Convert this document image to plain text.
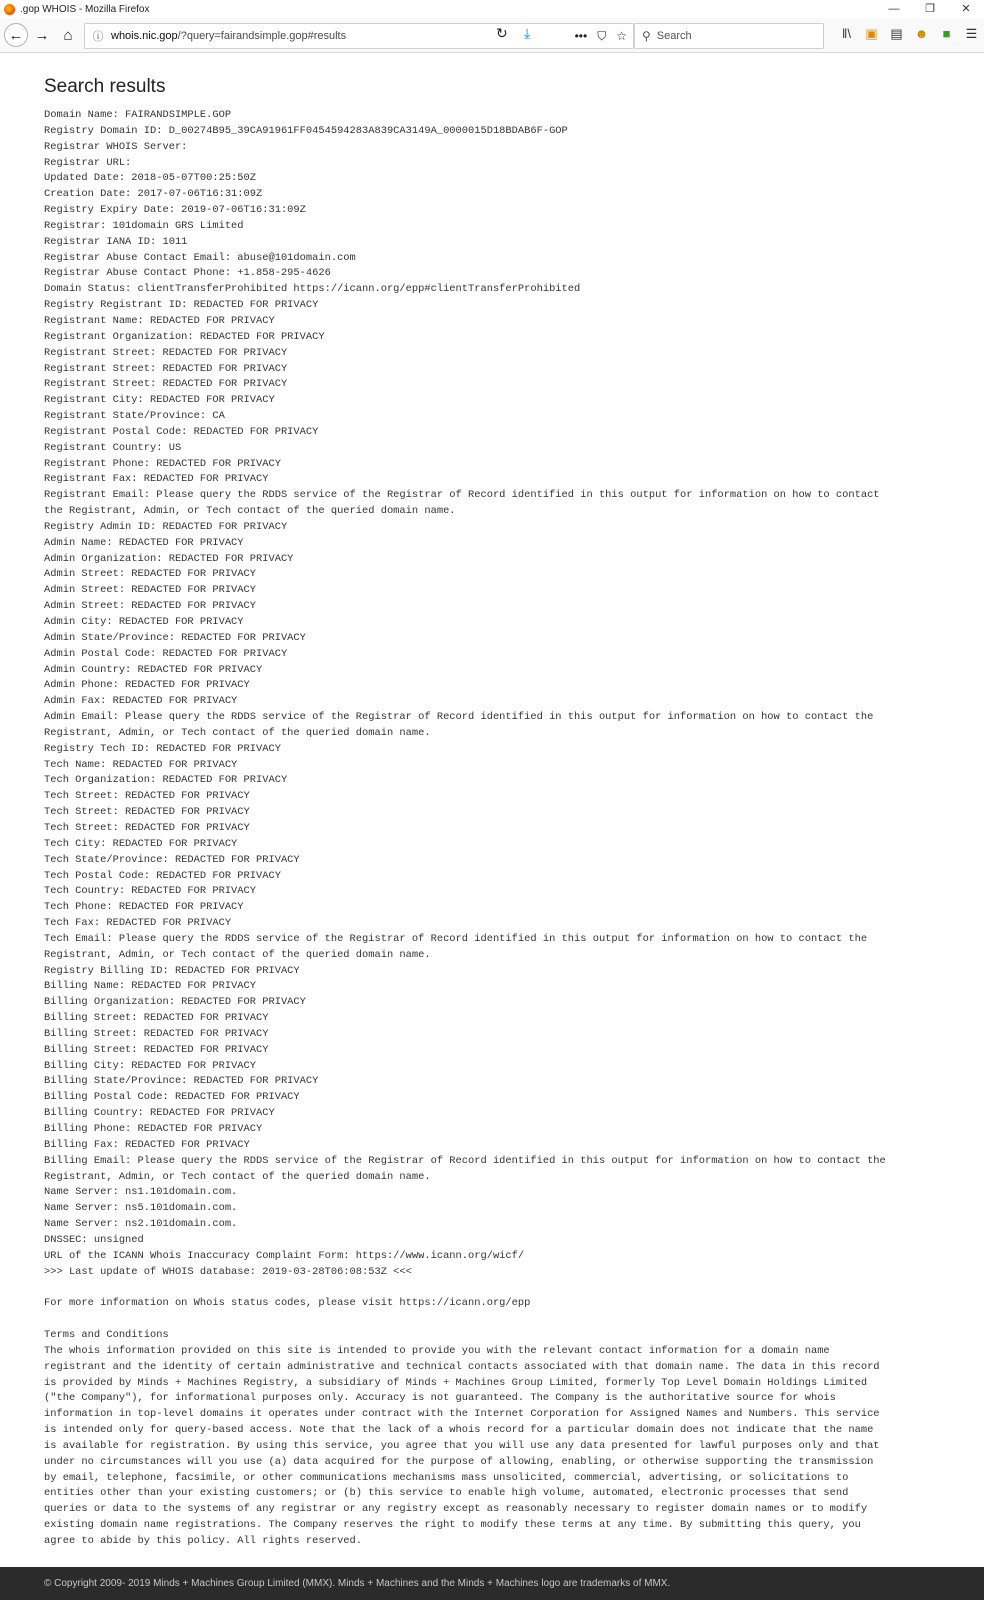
.gop WHOIS - Mozilla Firefox	—	❐	✕
← → ⌂	ⓘ whois.nic.gop/?query=fairandsimple.gop#results	••• ⛉ ☆
↻ ⤓	⚲ Search	‖\	▣ ▤ ☻	■	☰
Search results
Domain Name: FAIRANDSIMPLE.GOP
Registry Domain ID: D_00274B95_39CA91961FF0454594283A839CA3149A_0000015D18BDAB6F-GOP
Registrar WHOIS Server:
Registrar URL:
Updated Date: 2018-05-07T00:25:50Z
Creation Date: 2017-07-06T16:31:09Z
Registry Expiry Date: 2019-07-06T16:31:09Z
Registrar: 101domain GRS Limited
Registrar IANA ID: 1011
Registrar Abuse Contact Email: abuse@101domain.com
Registrar Abuse Contact Phone: +1.858-295-4626
Domain Status: clientTransferProhibited https://icann.org/epp#clientTransferProhibited
Registry Registrant ID: REDACTED FOR PRIVACY
Registrant Name: REDACTED FOR PRIVACY
Registrant Organization: REDACTED FOR PRIVACY
Registrant Street: REDACTED FOR PRIVACY
Registrant Street: REDACTED FOR PRIVACY
Registrant Street: REDACTED FOR PRIVACY
Registrant City: REDACTED FOR PRIVACY
Registrant State/Province: CA
Registrant Postal Code: REDACTED FOR PRIVACY
Registrant Country: US
Registrant Phone: REDACTED FOR PRIVACY
Registrant Fax: REDACTED FOR PRIVACY
Registrant Email: Please query the RDDS service of the Registrar of Record identified in this output for information on how to contact
the Registrant, Admin, or Tech contact of the queried domain name.
Registry Admin ID: REDACTED FOR PRIVACY
Admin Name: REDACTED FOR PRIVACY
Admin Organization: REDACTED FOR PRIVACY
Admin Street: REDACTED FOR PRIVACY
Admin Street: REDACTED FOR PRIVACY
Admin Street: REDACTED FOR PRIVACY
Admin City: REDACTED FOR PRIVACY
Admin State/Province: REDACTED FOR PRIVACY
Admin Postal Code: REDACTED FOR PRIVACY
Admin Country: REDACTED FOR PRIVACY
Admin Phone: REDACTED FOR PRIVACY
Admin Fax: REDACTED FOR PRIVACY
Admin Email: Please query the RDDS service of the Registrar of Record identified in this output for information on how to contact the
Registrant, Admin, or Tech contact of the queried domain name.
Registry Tech ID: REDACTED FOR PRIVACY
Tech Name: REDACTED FOR PRIVACY
Tech Organization: REDACTED FOR PRIVACY
Tech Street: REDACTED FOR PRIVACY
Tech Street: REDACTED FOR PRIVACY
Tech Street: REDACTED FOR PRIVACY
Tech City: REDACTED FOR PRIVACY
Tech State/Province: REDACTED FOR PRIVACY
Tech Postal Code: REDACTED FOR PRIVACY
Tech Country: REDACTED FOR PRIVACY
Tech Phone: REDACTED FOR PRIVACY
Tech Fax: REDACTED FOR PRIVACY
Tech Email: Please query the RDDS service of the Registrar of Record identified in this output for information on how to contact the
Registrant, Admin, or Tech contact of the queried domain name.
Registry Billing ID: REDACTED FOR PRIVACY
Billing Name: REDACTED FOR PRIVACY
Billing Organization: REDACTED FOR PRIVACY
Billing Street: REDACTED FOR PRIVACY
Billing Street: REDACTED FOR PRIVACY
Billing Street: REDACTED FOR PRIVACY
Billing City: REDACTED FOR PRIVACY
Billing State/Province: REDACTED FOR PRIVACY
Billing Postal Code: REDACTED FOR PRIVACY
Billing Country: REDACTED FOR PRIVACY
Billing Phone: REDACTED FOR PRIVACY
Billing Fax: REDACTED FOR PRIVACY
Billing Email: Please query the RDDS service of the Registrar of Record identified in this output for information on how to contact the
Registrant, Admin, or Tech contact of the queried domain name.
Name Server: ns1.101domain.com.
Name Server: ns5.101domain.com.
Name Server: ns2.101domain.com.
DNSSEC: unsigned
URL of the ICANN Whois Inaccuracy Complaint Form: https://www.icann.org/wicf/
>>> Last update of WHOIS database: 2019-03-28T06:08:53Z <<<

For more information on Whois status codes, please visit https://icann.org/epp

Terms and Conditions
The whois information provided on this site is intended to provide you with the relevant contact information for a domain name
registrant and the identity of certain administrative and technical contacts associated with that domain name. The data in this record
is provided by Minds + Machines Registry, a subsidiary of Minds + Machines Group Limited, formerly Top Level Domain Holdings Limited
("the Company"), for informational purposes only. Accuracy is not guaranteed. The Company is the authoritative source for whois
information in top-level domains it operates under contract with the Internet Corporation for Assigned Names and Numbers. This service
is intended only for query-based access. Note that the lack of a whois record for a particular domain does not indicate that the name
is available for registration. By using this service, you agree that you will use any data presented for lawful purposes only and that
under no circumstances will you use (a) data acquired for the purpose of allowing, enabling, or otherwise supporting the transmission
by email, telephone, facsimile, or other communications mechanisms mass unsolicited, commercial, advertising, or solicitations to
entities other than your existing customers; or (b) this service to enable high volume, automated, electronic processes that send
queries or data to the systems of any registrar or any registry except as reasonably necessary to register domain names or to modify
existing domain name registrations. The Company reserves the right to modify these terms at any time. By submitting this query, you
agree to abide by this policy. All rights reserved.

© Copyright 2009- 2019 Minds + Machines Group Limited (MMX). Minds + Machines and the Minds + Machines logo are trademarks of MMX.
